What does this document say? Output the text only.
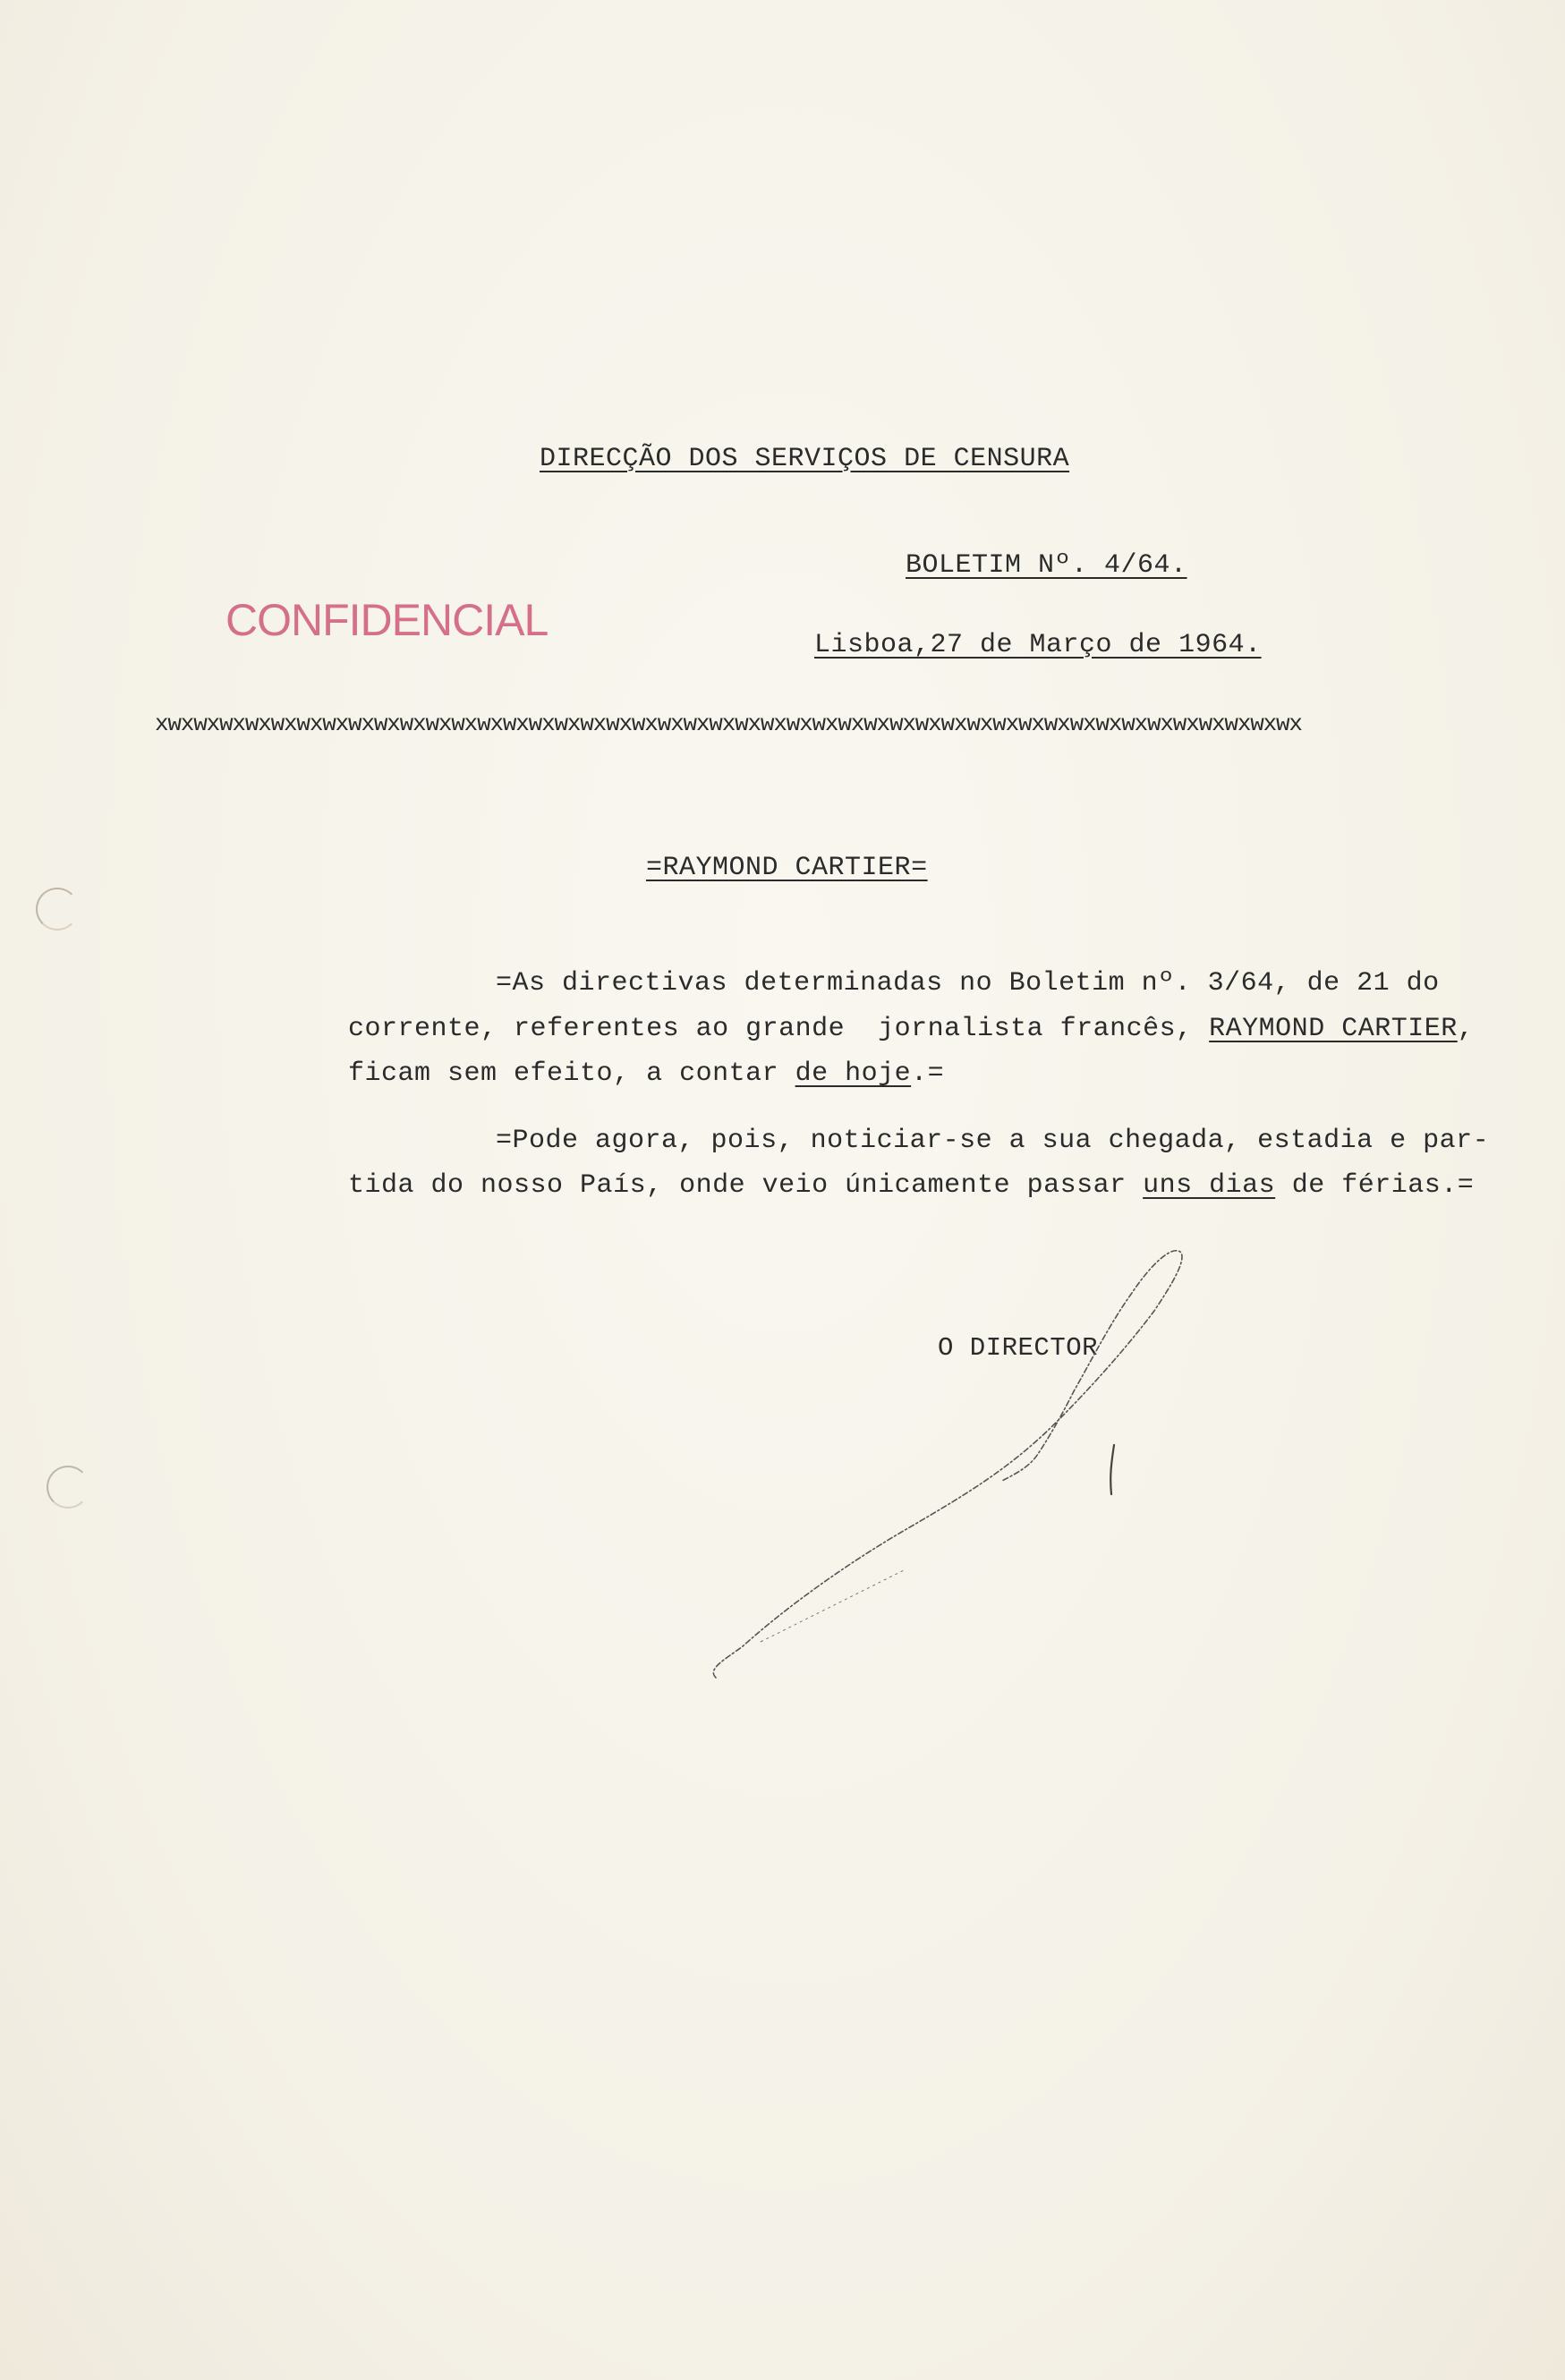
DIRECÇÃO DOS SERVIÇOS DE CENSURA
BOLETIM Nº. 4/64.
CONFIDENCIAL	Lisboa,27 de Março de 1964.
xwxwxwxwxwxwxwxwxwxwxwxwxwxwxwxwxwxwxwxwxwxwxwxwxwxwxwxwxwxwxwxwxwxwxwxwxwxwxwxwxwxwxwxwx

=RAYMOND CARTIER=

=As directivas determinadas no Boletim nº. 3/64, de 21 do

corrente, referentes ao grande  jornalista francês, RAYMOND CARTIER,

ficam sem efeito, a contar de hoje.=

=Pode agora, pois, noticiar-se a sua chegada, estadia e par-

tida do nosso País, onde veio únicamente passar uns dias de férias.=

O DIRECTOR
